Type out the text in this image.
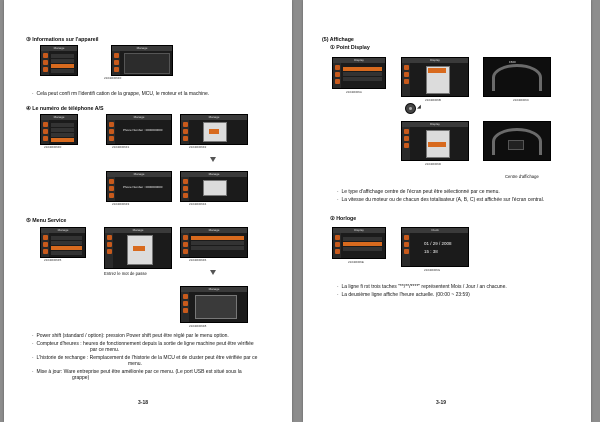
③ Informations sur l'appareil
Manage	Manage
21040D06FF
·  Cela peut confi rm l'identifi cation de la grappe, MCU, le moteur et la machine.
④ Le numéro de téléphone A/S
Manage	Manage
Phone Number : 0000000000
Manage
21040D06F0	21040D06F1	21040D06F2
Manage
Phone Number : 0000000000
Manage
21040D06F3	21040D06F4
⑤ Menu Service
Manage	Manage	Manage
21040D06F5	21040D06F6
Entrez le mot de passe
Manage
21040D06F8
·  Power shift (standard / option): pression Power shift peut être réglé par le menu option.
·  Compteur d'heures : heures de fonctionnement depuis la sortie de ligne machine peut être vérifiée
par ce menu.
·  L'historie de rechange : Remplacement de l'historie de la MCU et de cluster peut être vérifiée par ce
menu.
·  Mise à jour: Ware entreprise peut être améliorée par ce menu. (Le port USB est situé sous la
grappe)
3-18
(5) Affichage
① Point Display
Display	Display	1500
21040D06A
21040D06B	21040D06C
◢
Display
21040D06D
Centre d'affichage
·  Le type d'affichage centre de l'écran peut être sélectionné par ce menu.
·  La vitesse du moteur ou de chacun des totalisateur (A, B, C) est affichée sur l'écran central.
② Horloge
Display	Clock
01 / 29 / 2008
15 : 38
21040D06E
21040D06G
·  La ligne fi rst trois taches "**/**/****" représentent Mois / Jour / an chacune.
·  La deuxième ligne affiche l'heure actuelle. (00:00 ~ 23:59)
3-19
